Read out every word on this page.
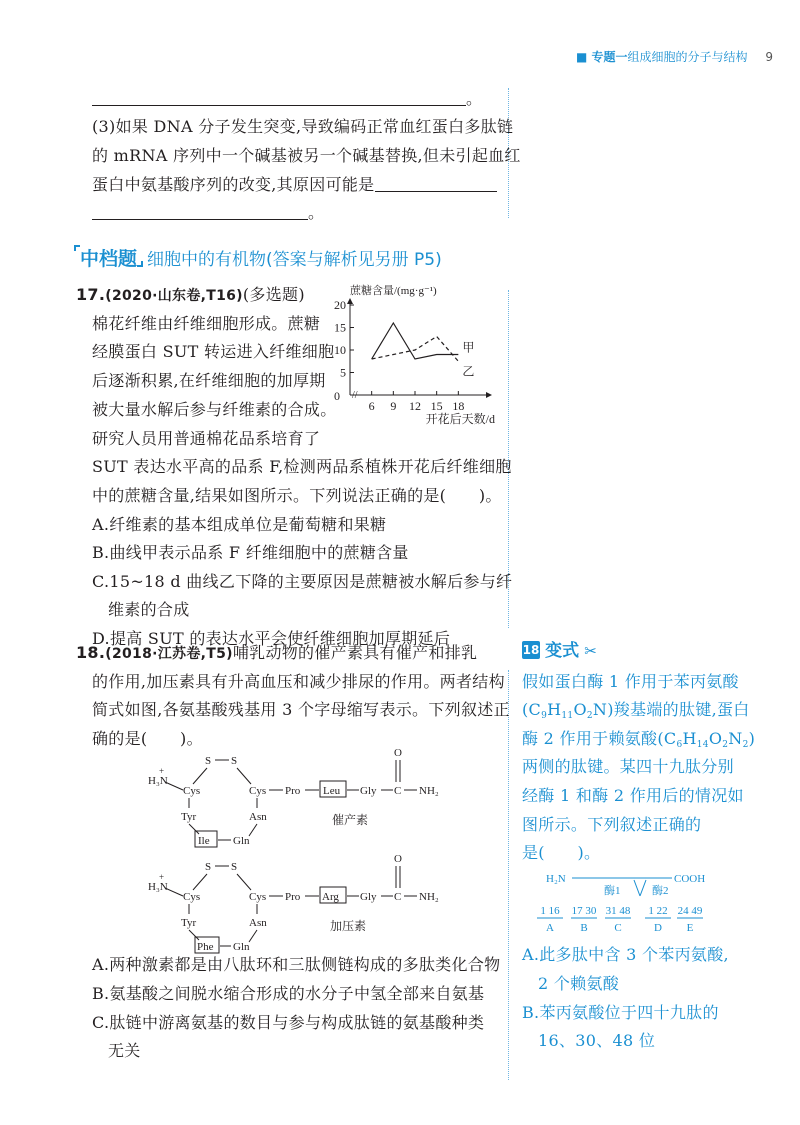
■ 专题一组成细胞的分子与结构 9
。
(3)如果 DNA 分子发生突变,导致编码正常血红蛋白多肽链
的 mRNA 序列中一个碱基被另一个碱基替换,但未引起血红
蛋白中氨基酸序列的改变,其原因可能是
。
中档题 细胞中的有机物(答案与解析见另册 P5)
17.(2020·山东卷,T16)(多选题)
棉花纤维由纤维细胞形成。蔗糖
经膜蛋白 SUT 转运进入纤维细胞
后逐渐积累,在纤维细胞的加厚期
被大量水解后参与纤维素的合成。
研究人员用普通棉花品系培育了
SUT 表达水平高的品系 F,检测两品系植株开花后纤维细胞
中的蔗糖含量,结果如图所示。下列说法正确的是(　　)。
A.纤维素的基本组成单位是葡萄糖和果糖
B.曲线甲表示品系 F 纤维细胞中的蔗糖含量
C.15~18 d 曲线乙下降的主要原因是蔗糖被水解后参与纤
维素的合成
D.提高 SUT 的表达水平会使纤维细胞加厚期延后
蔗糖含量/(mg·g⁻¹)
5
10
15
20
6 9 12 15 18
0 //
甲
乙
开花后天数/d
18.(2018·江苏卷,T5)哺乳动物的催产素具有催产和排乳
的作用,加压素具有升高血压和减少排尿的作用。两者结构
简式如图,各氨基酸残基用 3 个字母缩写表示。下列叙述正
确的是(　　)。
H₃N
+
Cys
S S
Cys Pro Leu Gly C
O
NH₂
Tyr	Asn
Ile Gln
催产素
H₃N
+
Cys
S S
Cys Pro Arg Gly C
O
NH₂
Tyr	Asn
Phe Gln
加压素
A.两种激素都是由八肽环和三肽侧链构成的多肽类化合物
B.氨基酸之间脱水缩合形成的水分子中氢全部来自氨基
C.肽链中游离氨基的数目与参与构成肽链的氨基酸种类
无关
18 变式 ✂
假如蛋白酶 1 作用于苯丙氨酸
$(C_9H_{11}O_2N)$羧基端的肽键,蛋白
酶 2 作用于赖氨酸$(C_6H_{14}O_2N_2)$
两侧的肽键。某四十九肽分别
经酶 1 和酶 2 作用后的情况如
图所示。下列叙述正确的
是(　　)。
H₂N	COOH
酶1	酶2
1 16
A
17 30
B
31 48
C
1 22
D
24 49
E
A.此多肽中含 3 个苯丙氨酸,
2 个赖氨酸
B.苯丙氨酸位于四十九肽的
16、30、48 位
